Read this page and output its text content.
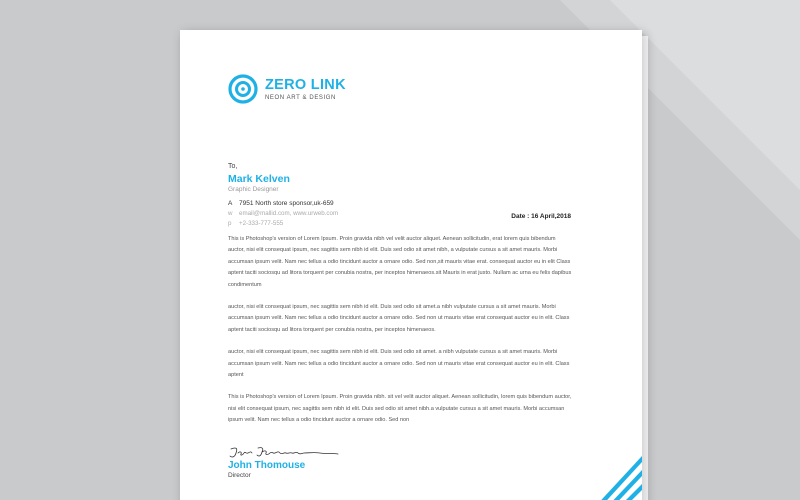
ZERO LINK
NEON ART & DESIGN
To,
Mark Kelven
Graphic Designer
A 7951 North store sponsor,uk-659
w email@mallid.com, www.urweb.com
p +2-333-777-555
Date : 16 April,2018

This is Photoshop's version of Lorem Ipsum. Proin gravida nibh vel velit auctor aliquet. Aenean sollicitudin, erat lorem quis bibendum auctor, nisi elit consequat ipsum, nec sagittis sem nibh id elit. Duis sed odio sit amet nibh, a vulputate cursus a sit amet mauris. Morbi accumsan ipsum velit. Nam nec tellus a odio tincidunt auctor a ornare odio. Sed non,sit mauris vitae erat. consequat auctor eu in elit Class aptent taciti sociosqu ad litora torquent per conubia nostra, per inceptos himenaeos.sit Mauris in erat justo. Nullam ac urna eu felis dapibus condimentum

auctor, nisi elit consequat ipsum, nec sagittis sem nibh id elit. Duis sed odio sit amet.a nibh vulputate cursus a sit amet mauris. Morbi accumsan ipsum velit. Nam nec tellus a odio tincidunt auctor a ornare odio. Sed non ut mauris vitae erat consequat auctor eu in elit. Class aptent taciti sociosqu ad litora torquent per conubia nostra, per inceptos himenaeos.

auctor, nisi elit consequat ipsum, nec sagittis sem nibh id elit. Duis sed odio sit amet. a nibh vulputate cursus a sit amet mauris. Morbi accumsan ipsum velit. Nam nec tellus a odio tincidunt auctor a ornare odio. Sed non ut mauris vitae erat consequat auctor eu in elit. Class aptent

This is Photoshop's version of Lorem Ipsum. Proin gravida nibh. sit vel velit auctor aliquet. Aenean sollicitudin, lorem quis bibendum auctor, nisi elit consequat ipsum, nec sagittis sem nibh id elit. Duis sed odio sit amet nibh.a vulputate cursus a sit amet mauris. Morbi accumsan ipsum velit. Nam nec tellus a odio tincidunt auctor a ornare odio. Sed non

John Thomouse
Director
